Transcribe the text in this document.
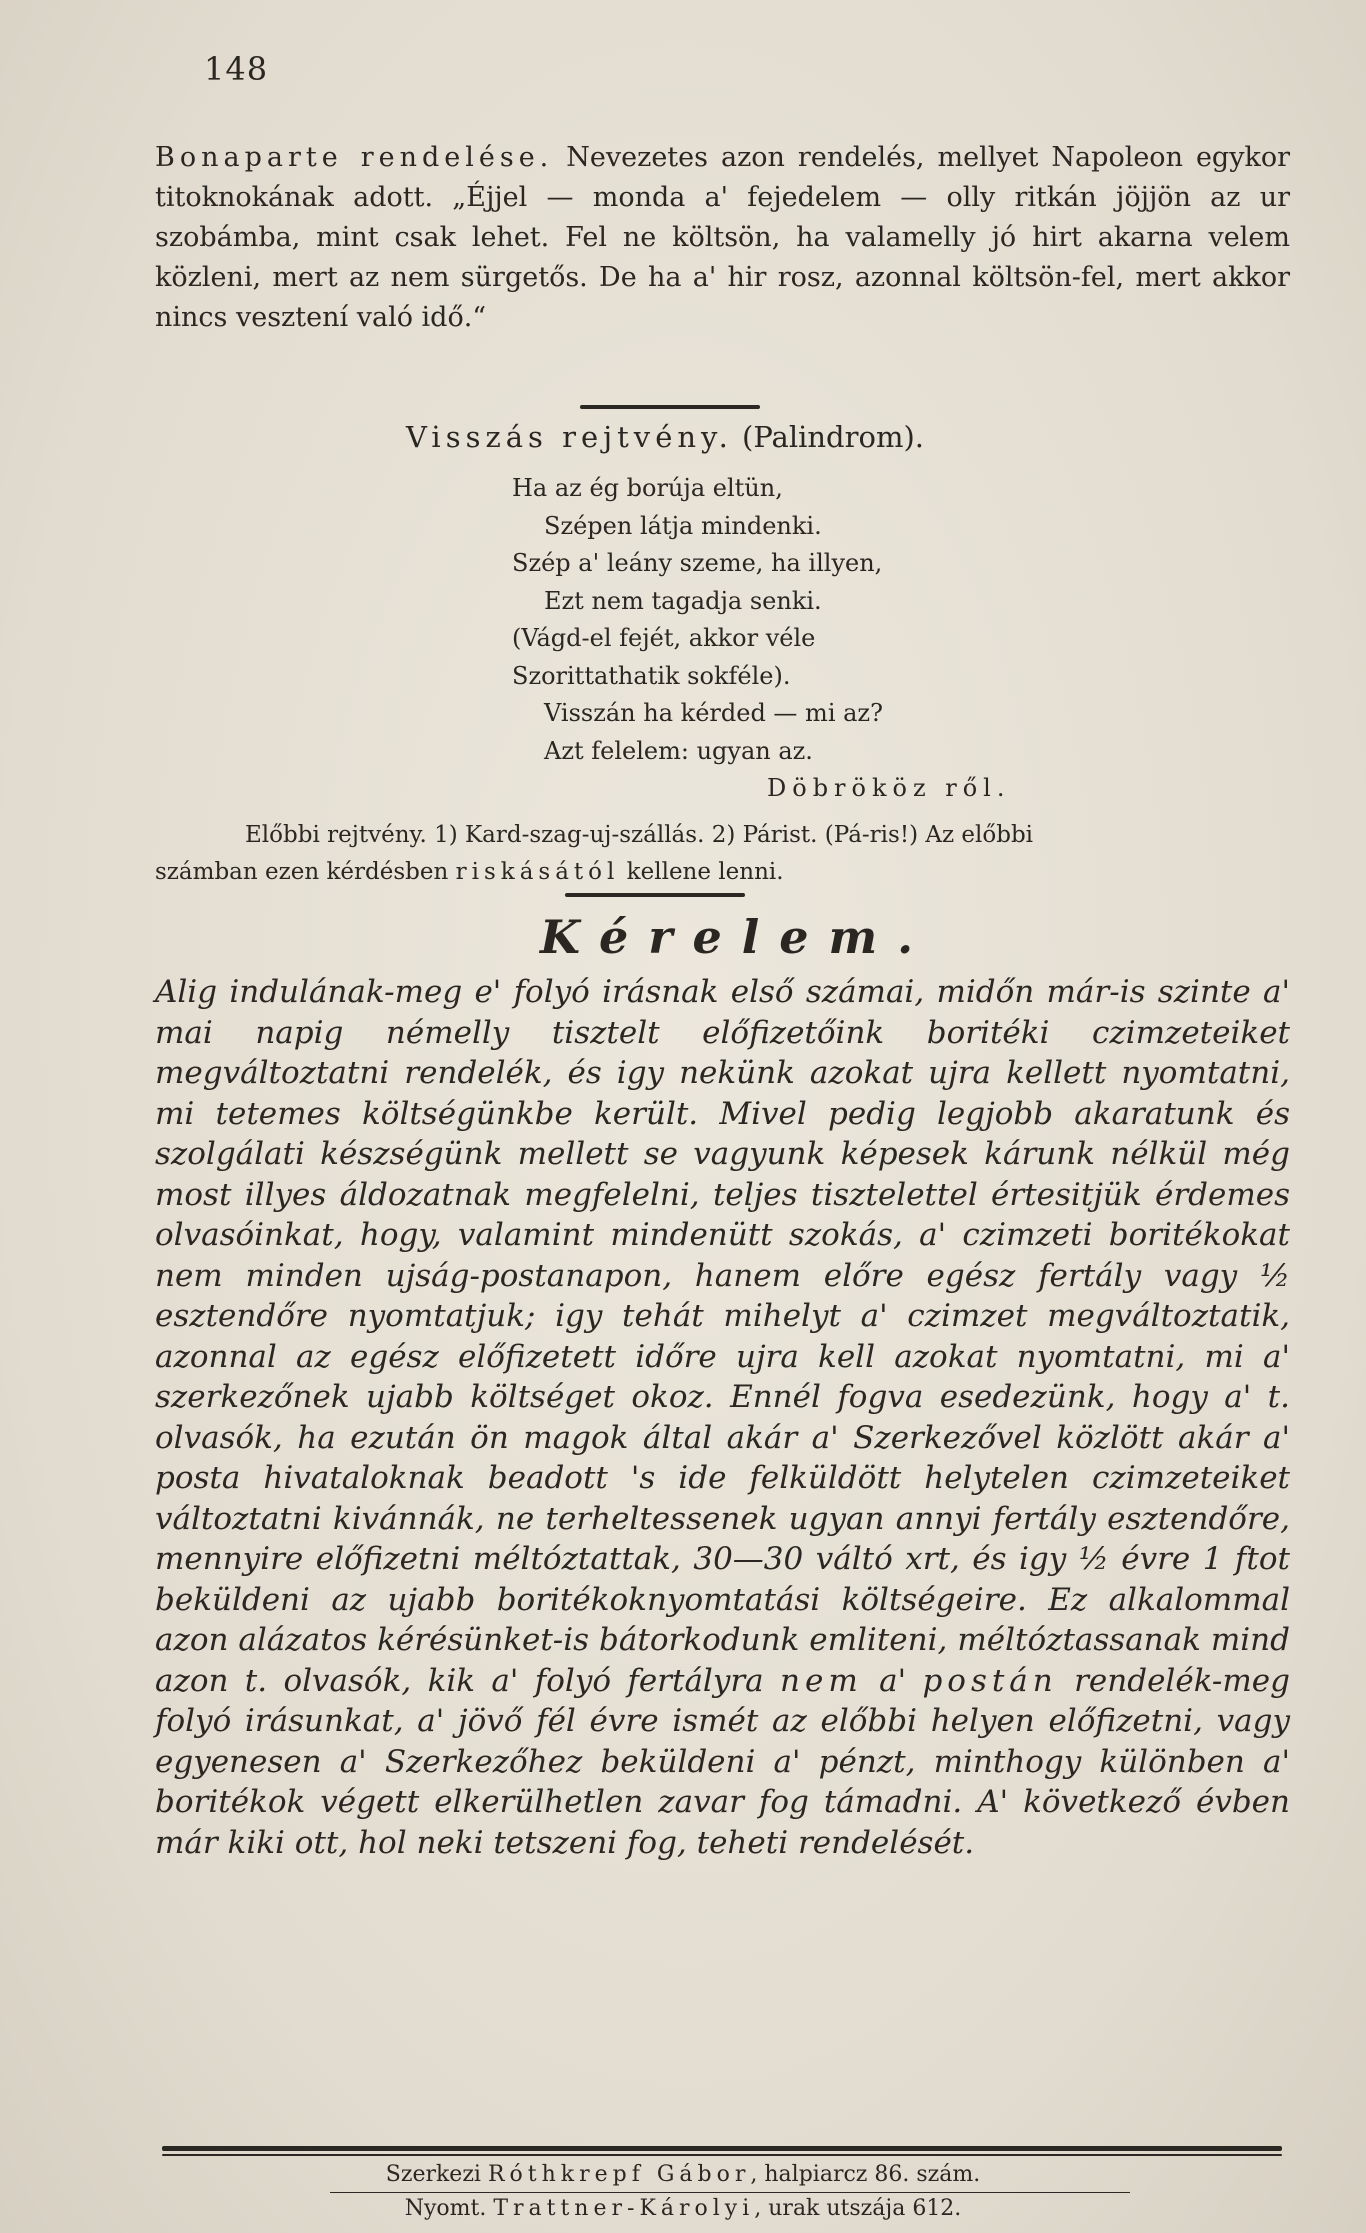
148

Bonaparte rendelése. Nevezetes azon rendelés, mellyet Napoleon egykor titoknokának adott. „Éjjel — monda a' fejedelem — olly ritkán jöjjön az ur szobámba, mint csak lehet. Fel ne költsön, ha valamelly jó hirt akarna velem közleni, mert az nem sürgetős. De ha a' hir rosz, azonnal költsön-fel, mert akkor nincs vesztení való idő.“

Visszás rejtvény. (Palindrom).
Ha az ég borúja eltün,
Szépen látja mindenki.
Szép a' leány szeme, ha illyen,
Ezt nem tagadja senki.
(Vágd-el fejét, akkor véle
Szorittathatik sokféle).
Visszán ha kérded — mi az?
Azt felelem: ugyan az.
Döbrököz ről.
Előbbi rejtvény. 1) Kard-szag-uj-szállás. 2) Párist. (Pá-ris!) Az előbbi
számban ezen kérdésben riskásától kellene lenni.
Kérelem.

Alig indulának-meg e' folyó irásnak első számai, midőn már-is szinte a' mai napig némelly tisztelt előfizetőink boritéki czimzeteiket megváltoztatni rendelék, és igy nekünk azokat ujra kellett nyomtatni, mi tetemes költségünkbe került. Mivel pedig legjobb akaratunk és szolgálati készségünk mellett se vagyunk képesek kárunk nélkül még most illyes áldozatnak megfelelni, teljes tisztelettel értesitjük érdemes olvasóinkat, hogy, valamint mindenütt szokás, a' czimzeti boritékokat nem minden ujság-postanapon, hanem előre egész fertály vagy ½ esztendőre nyomtatjuk; igy tehát mihelyt a' czimzet megváltoztatik, azonnal az egész előfizetett időre ujra kell azokat nyomtatni, mi a' szerkezőnek ujabb költséget okoz. Ennél fogva esedezünk, hogy a' t. olvasók, ha ezután ön magok által akár a' Szerkezővel közlött akár a' posta hivataloknak beadott 's ide felküldött helytelen czimzeteiket változtatni kivánnák, ne terheltessenek ugyan annyi fertály esztendőre, mennyire előfizetni méltóztattak, 30—30 váltó xrt, és igy ½ évre 1 ftot beküldeni az ujabb boritékoknyomtatási költségeire. Ez alkalommal azon alázatos kérésünket-is bátorkodunk emliteni, méltóztassanak mind azon t. olvasók, kik a' folyó fertályra nem a' postán rendelék-meg folyó irásunkat, a' jövő fél évre ismét az előbbi helyen előfizetni, vagy egyenesen a' Szerkezőhez beküldeni a' pénzt, minthogy különben a' boritékok végett elkerülhetlen zavar fog támadni. A' következő évben már kiki ott, hol neki tetszeni fog, teheti rendelését.

Szerkezi Róthkrepf Gábor, halpiarcz 86. szám.
Nyomt. Trattner-Károlyi, urak utszája 612.
